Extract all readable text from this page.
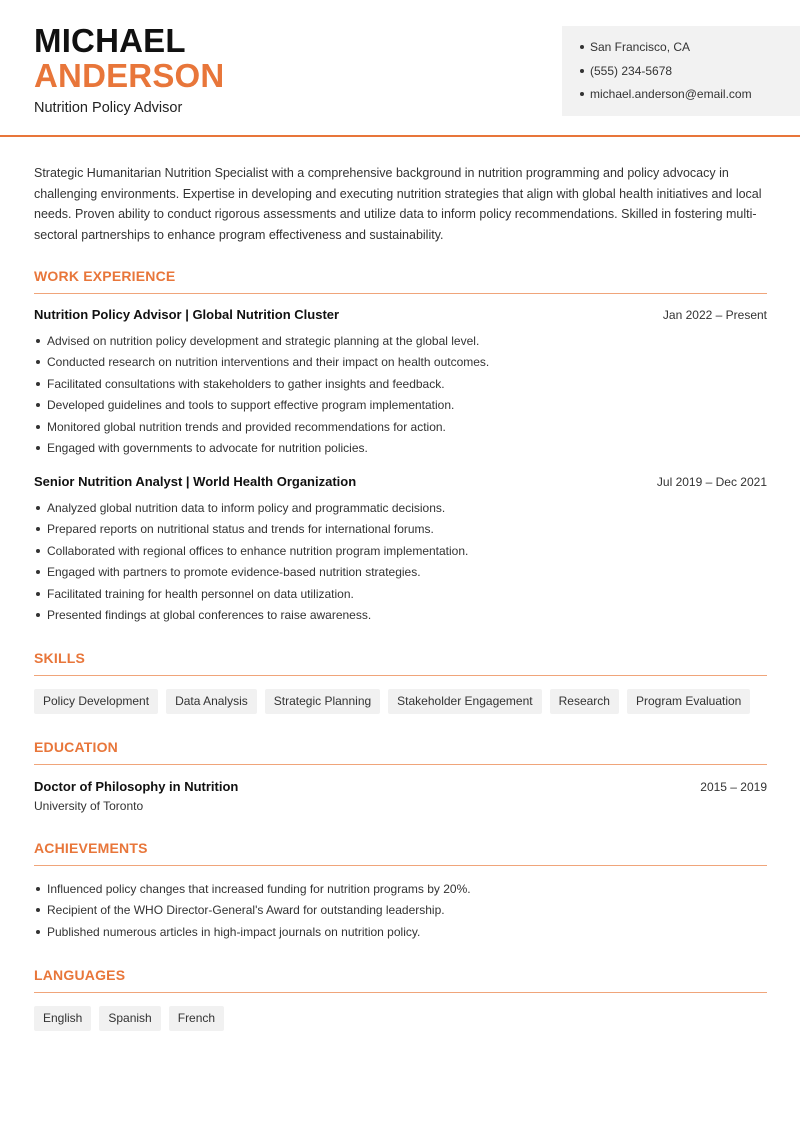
MICHAEL
ANDERSON
Nutrition Policy Advisor
San Francisco, CA
(555) 234-5678
michael.anderson@email.com

Strategic Humanitarian Nutrition Specialist with a comprehensive background in nutrition programming and policy advocacy in challenging environments. Expertise in developing and executing nutrition strategies that align with global health initiatives and local needs. Proven ability to conduct rigorous assessments and utilize data to inform policy recommendations. Skilled in fostering multi-sectoral partnerships to enhance program effectiveness and sustainability.

WORK EXPERIENCE
Nutrition Policy Advisor | Global Nutrition Cluster	Jan 2022 – Present
Advised on nutrition policy development and strategic planning at the global level.
Conducted research on nutrition interventions and their impact on health outcomes.
Facilitated consultations with stakeholders to gather insights and feedback.
Developed guidelines and tools to support effective program implementation.
Monitored global nutrition trends and provided recommendations for action.
Engaged with governments to advocate for nutrition policies.
Senior Nutrition Analyst | World Health Organization	Jul 2019 – Dec 2021
Analyzed global nutrition data to inform policy and programmatic decisions.
Prepared reports on nutritional status and trends for international forums.
Collaborated with regional offices to enhance nutrition program implementation.
Engaged with partners to promote evidence-based nutrition strategies.
Facilitated training for health personnel on data utilization.
Presented findings at global conferences to raise awareness.
SKILLS
Policy Development	Data Analysis	Strategic Planning	Stakeholder Engagement	Research	Program Evaluation
EDUCATION
Doctor of Philosophy in Nutrition	2015 – 2019
University of Toronto
ACHIEVEMENTS
Influenced policy changes that increased funding for nutrition programs by 20%.
Recipient of the WHO Director-General's Award for outstanding leadership.
Published numerous articles in high-impact journals on nutrition policy.
LANGUAGES
English	Spanish	French
